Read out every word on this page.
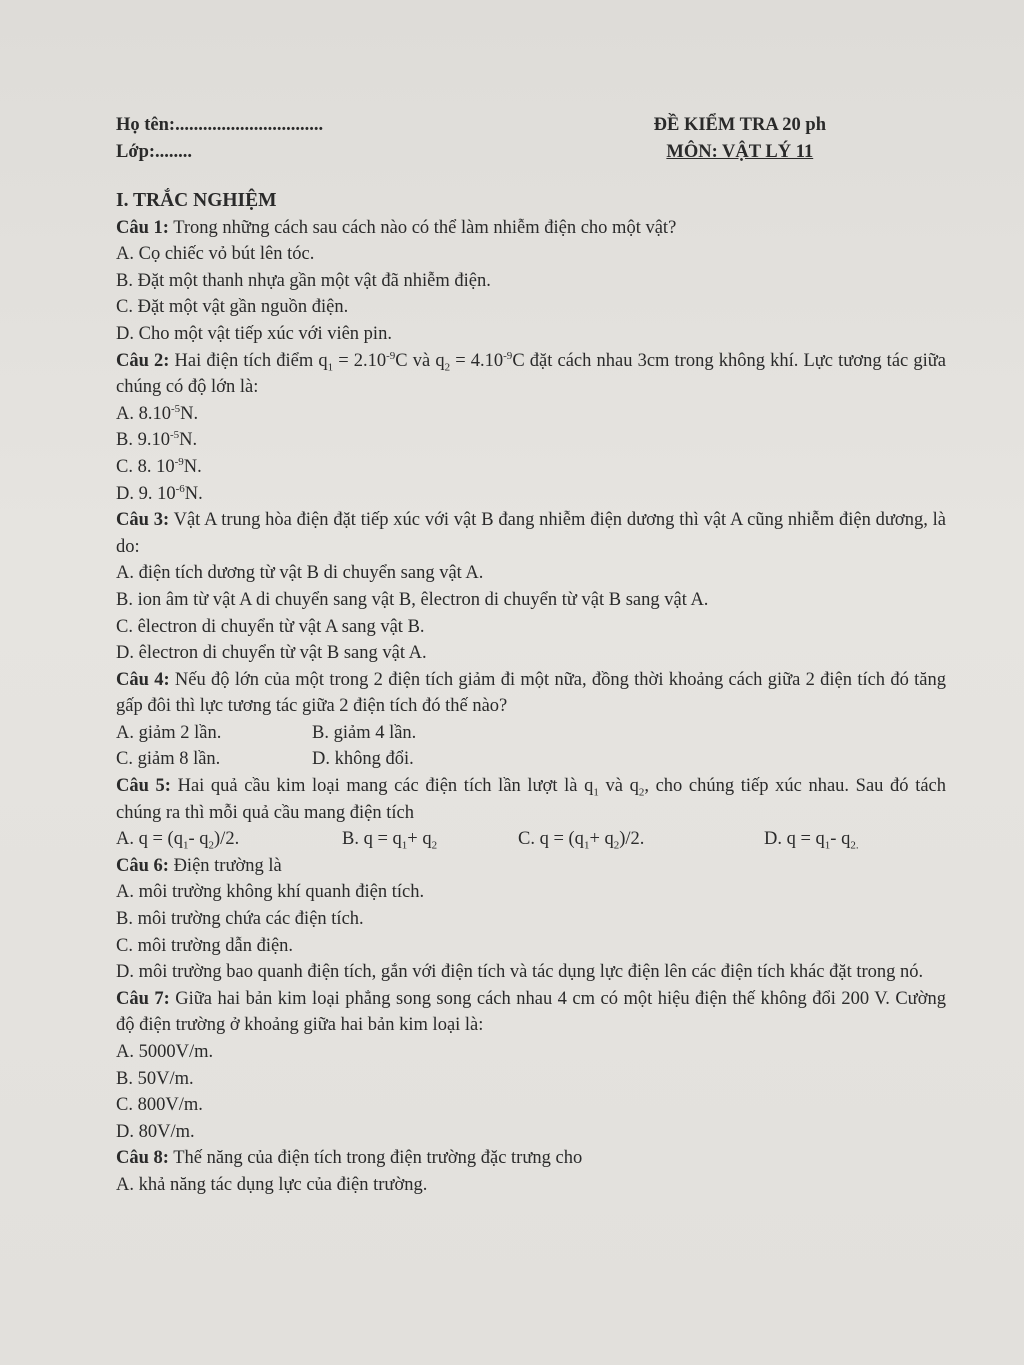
Họ tên:................................
Lớp:........
ĐỀ KIỂM TRA 20 ph
MÔN: VẬT LÝ 11
I. TRẮC NGHIỆM
Câu 1: Trong những cách sau cách nào có thể làm nhiễm điện cho một vật?
A. Cọ chiếc vỏ bút lên tóc.
B. Đặt một thanh nhựa gần một vật đã nhiễm điện.
C. Đặt một vật gần nguồn điện.
D. Cho một vật tiếp xúc với viên pin.
Câu 2: Hai điện tích điểm $q_1 = 2.10^{-9}C$ và $q_2 = 4.10^{-9}C$ đặt cách nhau 3cm trong không khí. Lực tương tác giữa chúng có độ lớn là:
A. $8.10^{-5}N$.
B. $9.10^{-5}N$.
C. 8. $10^{-9}N$.
D. 9. $10^{-6}N$.
Câu 3: Vật A trung hòa điện đặt tiếp xúc với vật B đang nhiễm điện dương thì vật A cũng nhiễm điện dương, là do:
A. điện tích dương từ vật B di chuyển sang vật A.
B. ion âm từ vật A di chuyển sang vật B, êlectron di chuyển từ vật B sang vật A.
C. êlectron di chuyển từ vật A sang vật B.
D. êlectron di chuyển từ vật B sang vật A.
Câu 4: Nếu độ lớn của một trong 2 điện tích giảm đi một nữa, đồng thời khoảng cách giữa 2 điện tích đó tăng gấp đôi thì lực tương tác giữa 2 điện tích đó thế nào?
A. giảm 2 lần.	B. giảm 4 lần.
C. giảm 8 lần.	D. không đổi.
Câu 5: Hai quả cầu kim loại mang các điện tích lần lượt là $q_1$ và $q_2$, cho chúng tiếp xúc nhau. Sau đó tách chúng ra thì mỗi quả cầu mang điện tích
A. $q = (q_1-$ $q_2)/2$.	B. $q = q_1+ q_2$	C. $q = (q_1+ q_2)/2$.	D. $q = q_1-$ $q_{2.}$
Câu 6: Điện trường là
A. môi trường không khí quanh điện tích.
B. môi trường chứa các điện tích.
C. môi trường dẫn điện.
D. môi trường bao quanh điện tích, gắn với điện tích và tác dụng lực điện lên các điện tích khác đặt trong nó.
Câu 7: Giữa hai bản kim loại phẳng song song cách nhau 4 cm có một hiệu điện thế không đổi 200 V. Cường độ điện trường ở khoảng giữa hai bản kim loại là:
A. 5000V/m.
B. 50V/m.
C. 800V/m.
D. 80V/m.
Câu 8: Thế năng của điện tích trong điện trường đặc trưng cho
A. khả năng tác dụng lực của điện trường.
